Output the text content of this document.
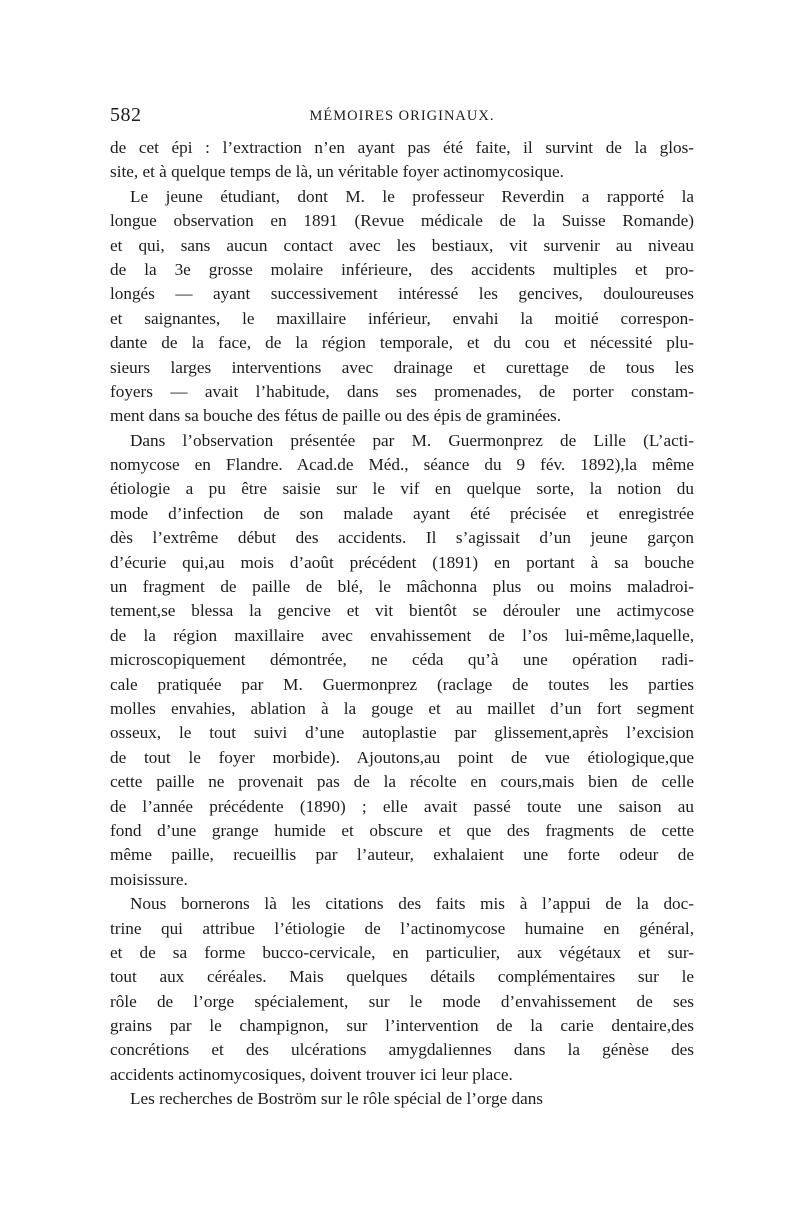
582	MÉMOIRES ORIGINAUX.
de cet épi : l’extraction n’en ayant pas été faite, il survint de la glos-
site, et à quelque temps de là, un véritable foyer actinomycosique.
Le jeune étudiant, dont M. le professeur Reverdin a rapporté la
longue observation en 1891 (Revue médicale de la Suisse Romande)
et qui, sans aucun contact avec les bestiaux, vit survenir au niveau
de la 3e grosse molaire inférieure, des accidents multiples et pro-
longés — ayant successivement intéressé les gencives, douloureuses
et saignantes, le maxillaire inférieur, envahi la moitié correspon-
dante de la face, de la région temporale, et du cou et nécessité plu-
sieurs larges interventions avec drainage et curettage de tous les
foyers — avait l’habitude, dans ses promenades, de porter constam-
ment dans sa bouche des fétus de paille ou des épis de graminées.
Dans l’observation présentée par M. Guermonprez de Lille (L’acti-
nomycose en Flandre. Acad.de Méd., séance du 9 fév. 1892),la même
étiologie a pu être saisie sur le vif en quelque sorte, la notion du
mode d’infection de son malade ayant été précisée et enregistrée
dès l’extrême début des accidents. Il s’agissait d’un jeune garçon
d’écurie qui,au mois d’août précédent (1891) en portant à sa bouche
un fragment de paille de blé, le mâchonna plus ou moins maladroi-
tement,se blessa la gencive et vit bientôt se dérouler une actimycose
de la région maxillaire avec envahissement de l’os lui-même,laquelle,
microscopiquement démontrée, ne céda qu’à une opération radi-
cale pratiquée par M. Guermonprez (raclage de toutes les parties
molles envahies, ablation à la gouge et au maillet d’un fort segment
osseux, le tout suivi d’une autoplastie par glissement,après l’excision
de tout le foyer morbide). Ajoutons,au point de vue étiologique,que
cette paille ne provenait pas de la récolte en cours,mais bien de celle
de l’année précédente (1890) ; elle avait passé toute une saison au
fond d’une grange humide et obscure et que des fragments de cette
même paille, recueillis par l’auteur, exhalaient une forte odeur de
moisissure.
Nous bornerons là les citations des faits mis à l’appui de la doc-
trine qui attribue l’étiologie de l’actinomycose humaine en général,
et de sa forme bucco-cervicale, en particulier, aux végétaux et sur-
tout aux céréales. Mais quelques détails complémentaires sur le
rôle de l’orge spécialement, sur le mode d’envahissement de ses
grains par le champignon, sur l’intervention de la carie dentaire,des
concrétions et des ulcérations amygdaliennes dans la génèse des
accidents actinomycosiques, doivent trouver ici leur place.
Les recherches de Boström sur le rôle spécial de l’orge dans
